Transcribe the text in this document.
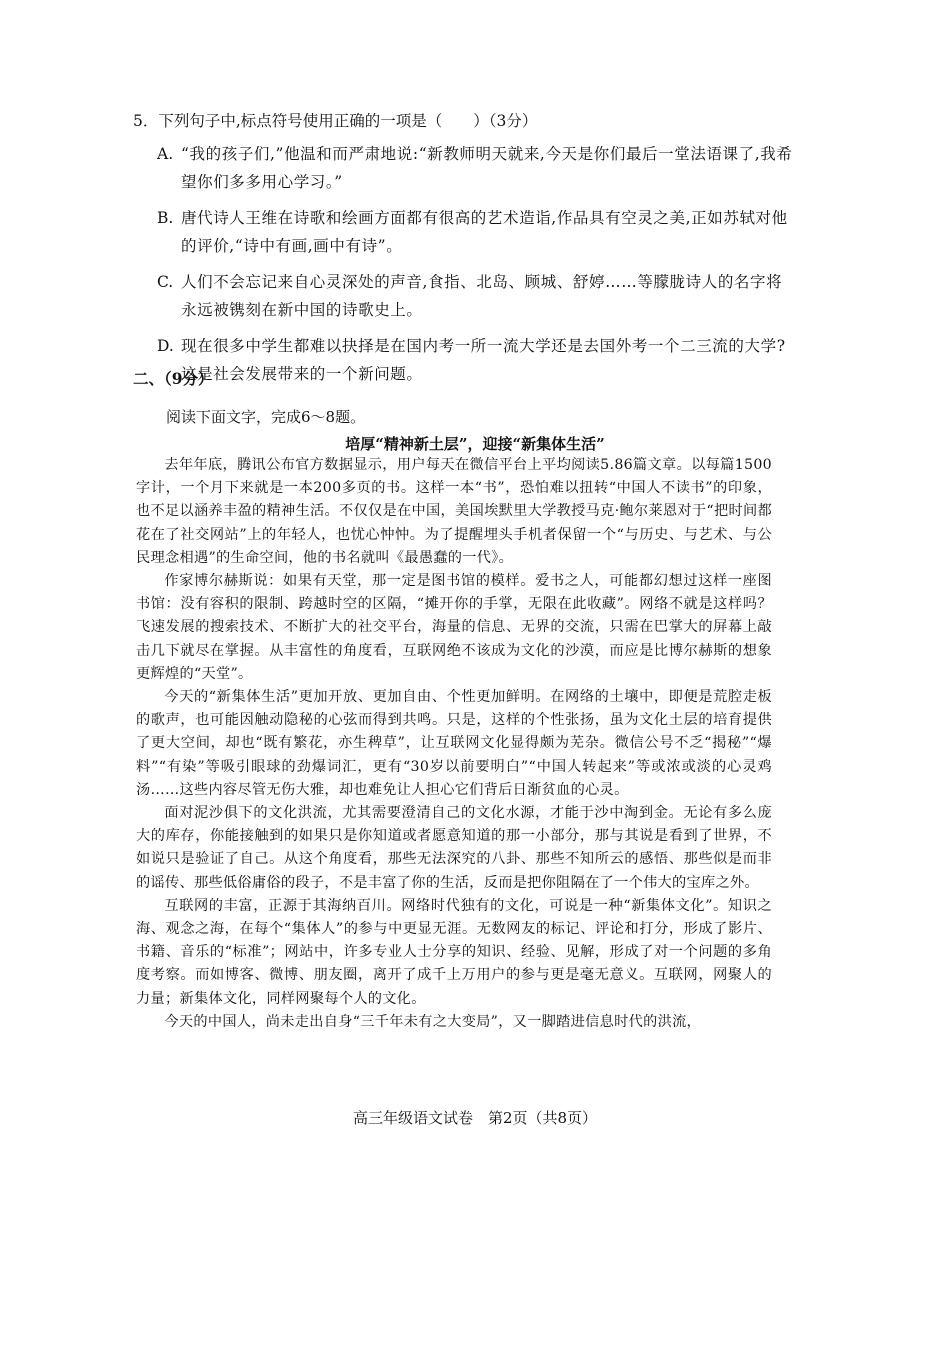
5．下列句子中,标点符号使用正确的一项是（　　）（3分）
A. “我的孩子们,”他温和而严肃地说:“新教师明天就来,今天是你们最后一堂法语课了,我希望你们多多用心学习。”
B. 唐代诗人王维在诗歌和绘画方面都有很高的艺术造诣,作品具有空灵之美,正如苏轼对他的评价,“诗中有画,画中有诗”。
C. 人们不会忘记来自心灵深处的声音,食指、北岛、顾城、舒婷……等朦胧诗人的名字将永远被镌刻在新中国的诗歌史上。
D. 现在很多中学生都难以抉择是在国内考一所一流大学还是去国外考一个二三流的大学?这是社会发展带来的一个新问题。
二、（9分）
阅读下面文字，完成6～8题。
培厚“精神新土层”，迎接“新集体生活”

去年年底，腾讯公布官方数据显示，用户每天在微信平台上平均阅读5.86篇文章。以每篇1500字计，一个月下来就是一本200多页的书。这样一本“书”，恐怕难以扭转“中国人不读书”的印象，也不足以涵养丰盈的精神生活。不仅仅是在中国，美国埃默里大学教授马克·鲍尔莱恩对于“把时间都花在了社交网站”上的年轻人，也忧心忡忡。为了提醒埋头手机者保留一个“与历史、与艺术、与公民理念相遇”的生命空间，他的书名就叫《最愚蠢的一代》。

作家博尔赫斯说：如果有天堂，那一定是图书馆的模样。爱书之人，可能都幻想过这样一座图书馆：没有容积的限制、跨越时空的区隔，“摊开你的手掌，无限在此收藏”。网络不就是这样吗？飞速发展的搜索技术、不断扩大的社交平台，海量的信息、无界的交流，只需在巴掌大的屏幕上敲击几下就尽在掌握。从丰富性的角度看，互联网绝不该成为文化的沙漠，而应是比博尔赫斯的想象更辉煌的“天堂”。

今天的“新集体生活”更加开放、更加自由、个性更加鲜明。在网络的土壤中，即便是荒腔走板的歌声，也可能因触动隐秘的心弦而得到共鸣。只是，这样的个性张扬，虽为文化土层的培育提供了更大空间，却也“既有繁花，亦生稗草”，让互联网文化显得颇为芜杂。微信公号不乏“揭秘”“爆料”“有染”等吸引眼球的劲爆词汇，更有“30岁以前要明白”“中国人转起来”等或浓或淡的心灵鸡汤……这些内容尽管无伤大雅，却也难免让人担心它们背后日渐贫血的心灵。

面对泥沙俱下的文化洪流，尤其需要澄清自己的文化水源，才能于沙中淘到金。无论有多么庞大的库存，你能接触到的如果只是你知道或者愿意知道的那一小部分，那与其说是看到了世界，不如说只是验证了自己。从这个角度看，那些无法深究的八卦、那些不知所云的感悟、那些似是而非的谣传、那些低俗庸俗的段子，不是丰富了你的生活，反而是把你阻隔在了一个伟大的宝库之外。

互联网的丰富，正源于其海纳百川。网络时代独有的文化，可说是一种“新集体文化”。知识之海、观念之海，在每个“集体人”的参与中更显无涯。无数网友的标记、评论和打分，形成了影片、书籍、音乐的“标准”；网站中，许多专业人士分享的知识、经验、见解，形成了对一个问题的多角度考察。而如博客、微博、朋友圈，离开了成千上万用户的参与更是毫无意义。互联网，网聚人的力量；新集体文化，同样网聚每个人的文化。

今天的中国人，尚未走出自身“三千年未有之大变局”，又一脚踏进信息时代的洪流，

高三年级语文试卷　第2页（共8页）
